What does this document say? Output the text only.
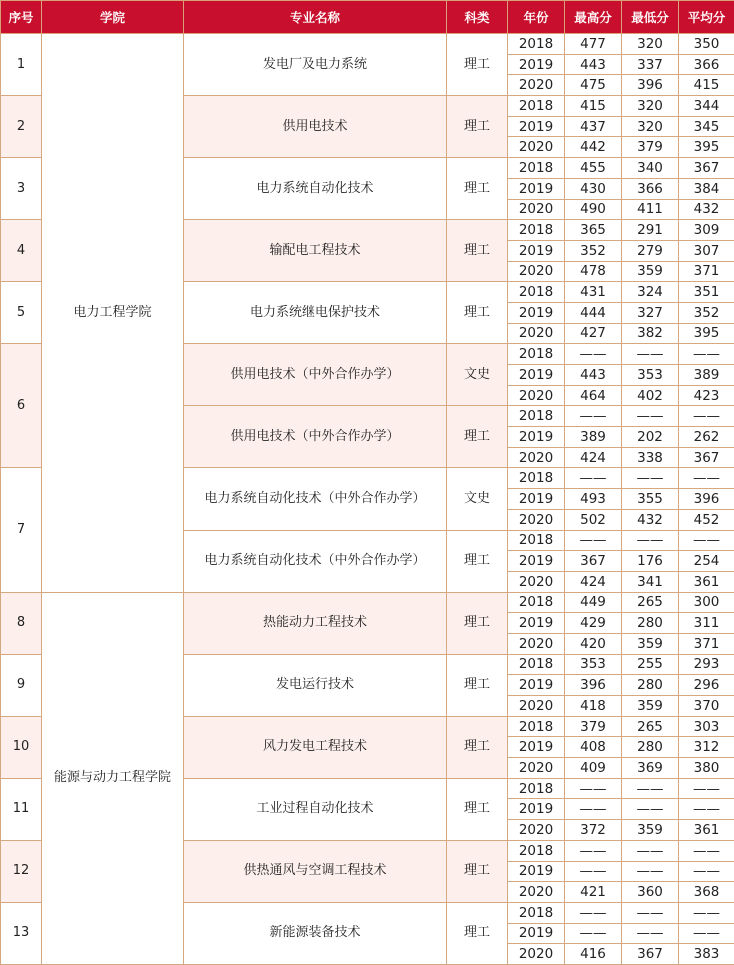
序号	学院	专业名称	科类	年份	最高分	最低分	平均分
1	电力工程学院	发电厂及电力系统	理工	2018	477	320	350
				2019	443	337	366
				2020	475	396	415
2		供用电技术	理工	2018	415	320	344
				2019	437	320	345
				2020	442	379	395
3		电力系统自动化技术	理工	2018	455	340	367
				2019	430	366	384
				2020	490	411	432
4		输配电工程技术	理工	2018	365	291	309
				2019	352	279	307
				2020	478	359	371
5		电力系统继电保护技术	理工	2018	431	324	351
				2019	444	327	352
				2020	427	382	395
6		供用电技术（中外合作办学）	文史	2018	——	——	——
				2019	443	353	389
				2020	464	402	423
		供用电技术（中外合作办学）	理工	2018	——	——	——
				2019	389	202	262
				2020	424	338	367
7		电力系统自动化技术（中外合作办学）	文史	2018	——	——	——
				2019	493	355	396
				2020	502	432	452
		电力系统自动化技术（中外合作办学）	理工	2018	——	——	——
				2019	367	176	254
				2020	424	341	361
8	能源与动力工程学院	热能动力工程技术	理工	2018	449	265	300
				2019	429	280	311
				2020	420	359	371
9		发电运行技术	理工	2018	353	255	293
				2019	396	280	296
				2020	418	359	370
10		风力发电工程技术	理工	2018	379	265	303
				2019	408	280	312
				2020	409	369	380
11		工业过程自动化技术	理工	2018	——	——	——
				2019	——	——	——
				2020	372	359	361
12		供热通风与空调工程技术	理工	2018	——	——	——
				2019	——	——	——
				2020	421	360	368
13		新能源装备技术	理工	2018	——	——	——
				2019	——	——	——
				2020	416	367	383
